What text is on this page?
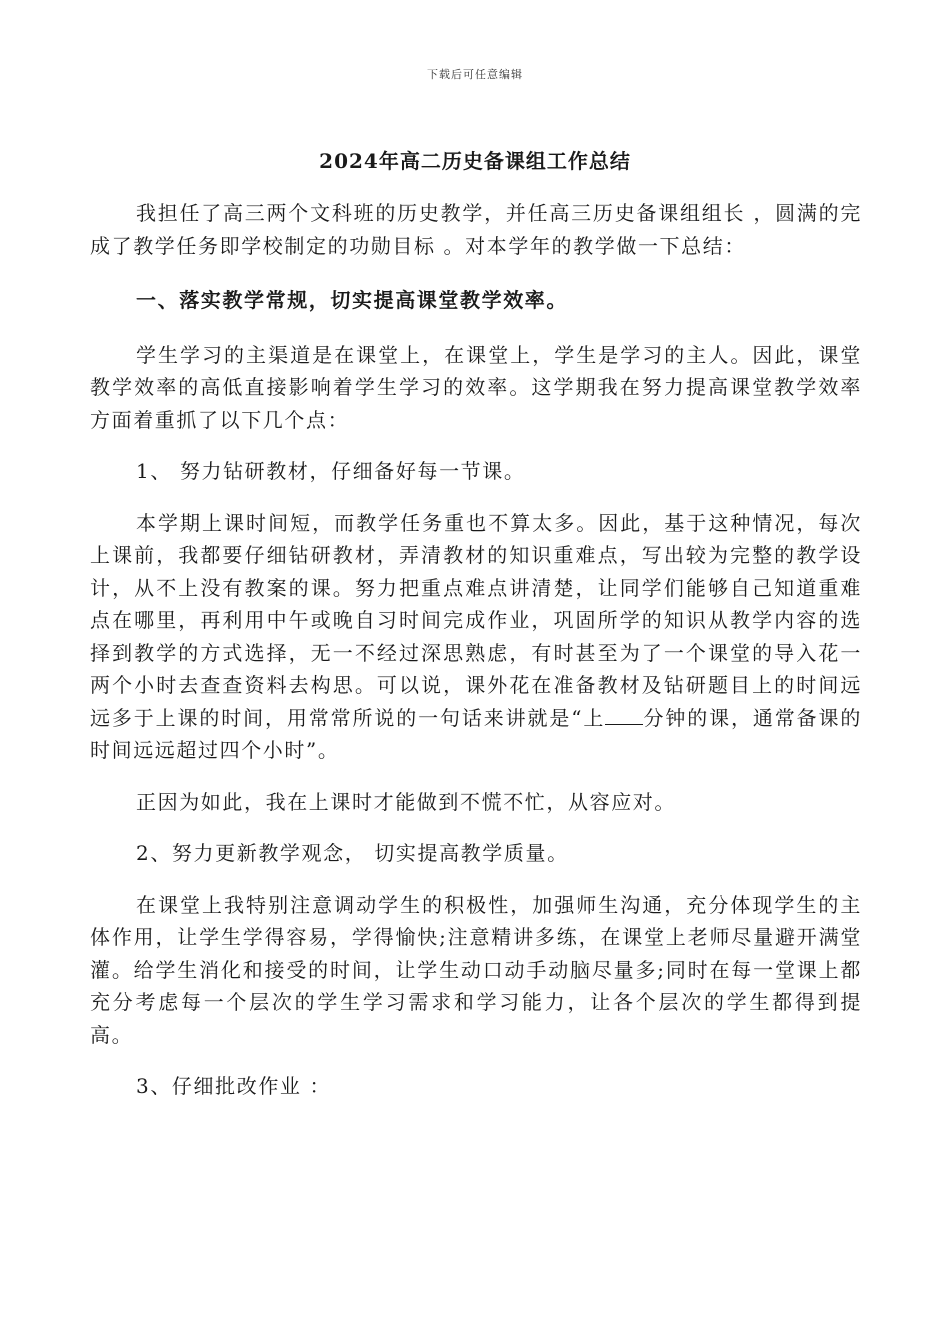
下载后可任意编辑
2024年高二历史备课组工作总结

我担任了高三两个文科班的历史教学，并任高三历史备课组组长 ，圆满的完成了教学任务即学校制定的功勋目标 。对本学年的教学做一下总结：

一、落实教学常规，切实提高课堂教学效率。

学生学习的主渠道是在课堂上，在课堂上，学生是学习的主人。因此，课堂教学效率的高低直接影响着学生学习的效率。这学期我在努力提高课堂教学效率方面着重抓了以下几个点：

1、 努力钻研教材，仔细备好每一节课。

本学期上课时间短，而教学任务重也不算太多。因此，基于这种情况，每次上课前，我都要仔细钻研教材，弄清教材的知识重难点，写出较为完整的教学设计，从不上没有教案的课。努力把重点难点讲清楚，让同学们能够自己知道重难点在哪里，再利用中午或晚自习时间完成作业，巩固所学的知识从教学内容的选择到教学的方式选择，无一不经过深思熟虑，有时甚至为了一个课堂的导入花一两个小时去查查资料去构思。可以说，课外花在准备教材及钻研题目上的时间远远多于上课的时间，用常常所说的一句话来讲就是“上 分钟的课，通常备课的时间远远超过四个小时”。

正因为如此，我在上课时才能做到不慌不忙，从容应对。

2、努力更新教学观念， 切实提高教学质量。

在课堂上我特别注意调动学生的积极性，加强师生沟通，充分体现学生的主体作用，让学生学得容易，学得愉快;注意精讲多练，在课堂上老师尽量避开满堂灌。给学生消化和接受的时间，让学生动口动手动脑尽量多;同时在每一堂课上都充分考虑每一个层次的学生学习需求和学习能力，让各个层次的学生都得到提高。

3、仔细批改作业 ：
